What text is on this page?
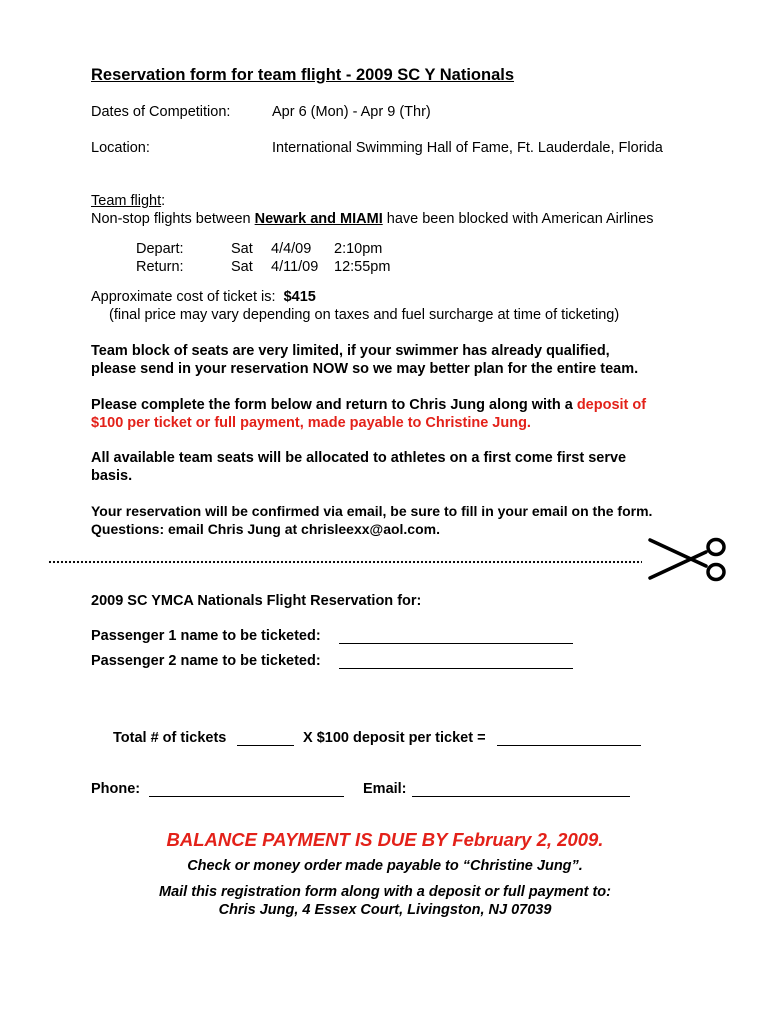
Reservation form for team flight - 2009 SC Y Nationals
Dates of Competition:	Apr 6 (Mon) - Apr 9 (Thr)
Location:	International Swimming Hall of Fame, Ft. Lauderdale, Florida
Team flight:
Non-stop flights between Newark and MIAMI have been blocked with American Airlines
Depart:	Sat 4/4/09 2:10pm
Return:	Sat 4/11/09 12:55pm
Approximate cost of ticket is:  $415
(final price may vary depending on taxes and fuel surcharge at time of ticketing)
Team block of seats are very limited, if your swimmer has already qualified,
please send in your reservation NOW so we may better plan for the entire team.
Please complete the form below and return to Chris Jung along with a deposit of
$100 per ticket or full payment, made payable to Christine Jung.
All available team seats will be allocated to athletes on a first come first serve
basis.
Your reservation will be confirmed via email, be sure to fill in your email on the form.
Questions: email Chris Jung at chrisleexx@aol.com.
2009 SC YMCA Nationals Flight Reservation for:
Passenger 1 name to be ticketed:
Passenger 2 name to be ticketed:
Total # of tickets	X $100 deposit per ticket =
Phone:	Email:
BALANCE PAYMENT IS DUE BY February 2, 2009.
Check or money order made payable to “Christine Jung”.
Mail this registration form along with a deposit or full payment to:
Chris Jung, 4 Essex Court, Livingston, NJ 07039
